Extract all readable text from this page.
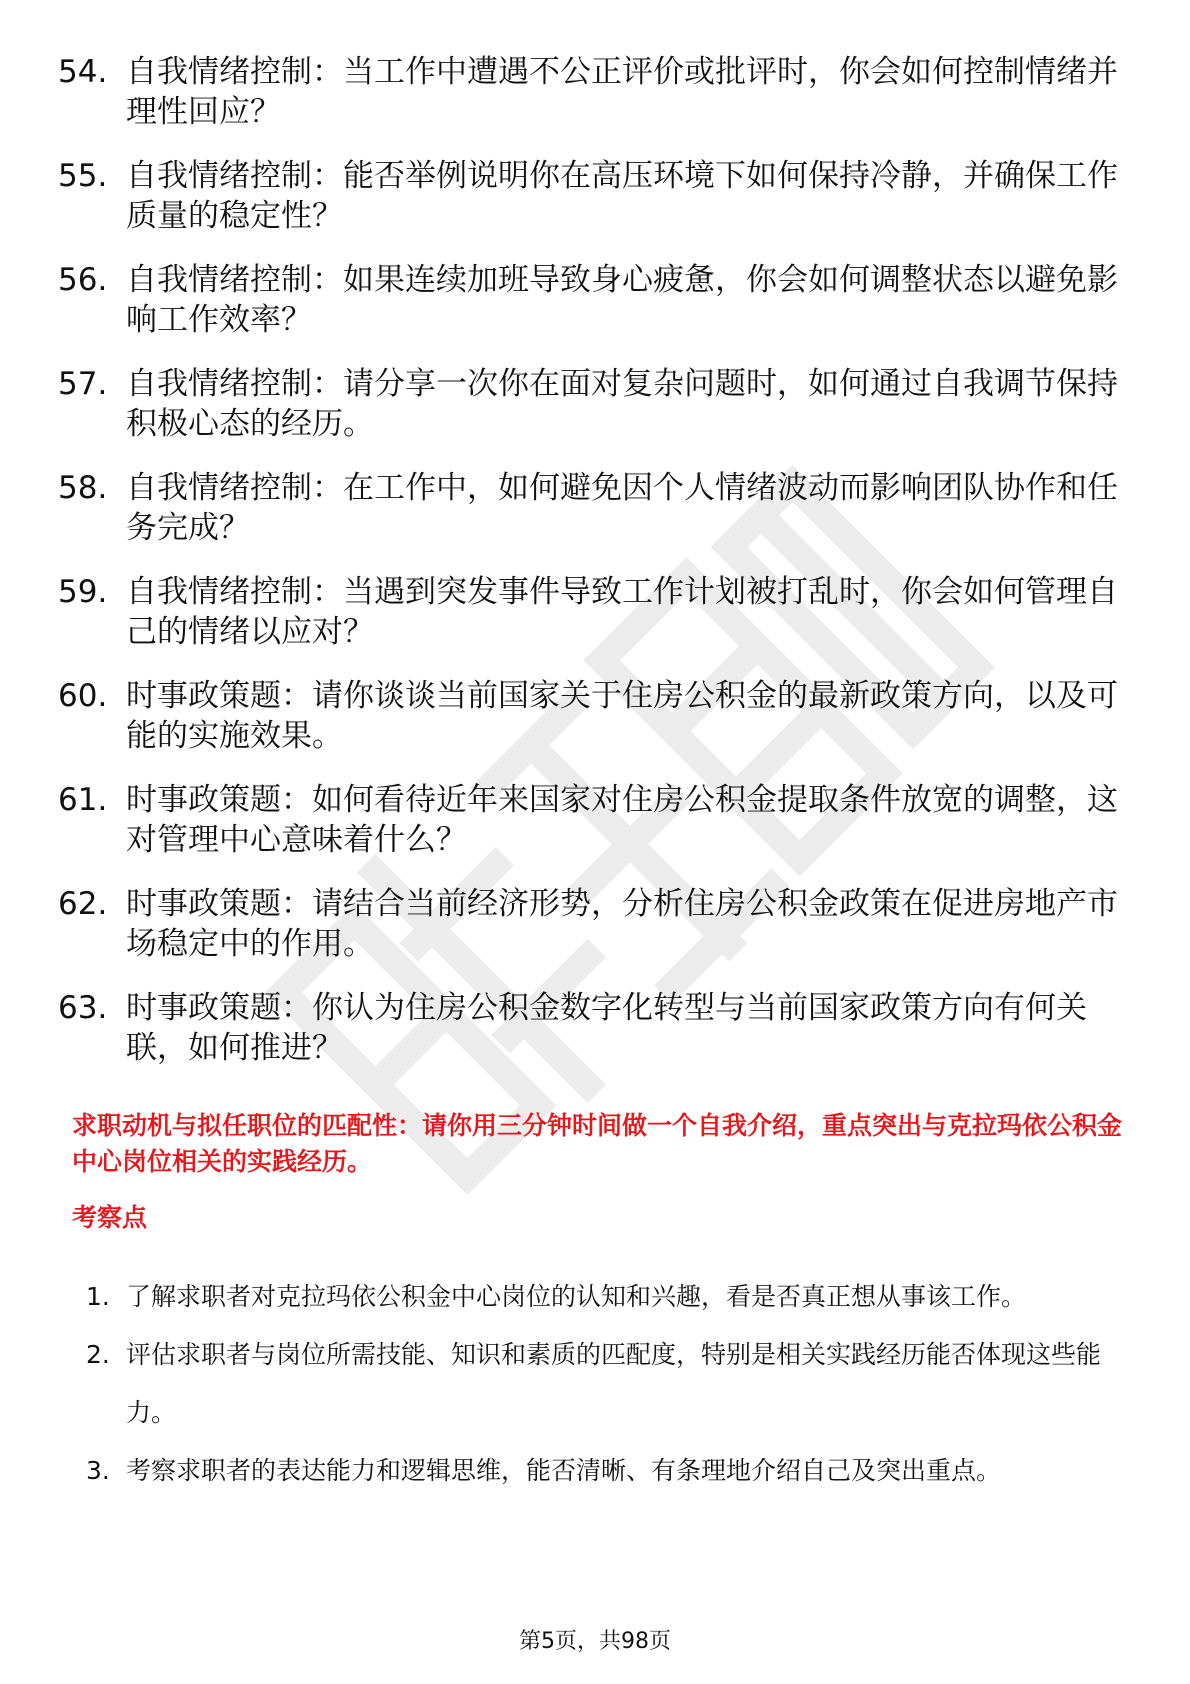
54. 自我情绪控制：当工作中遭遇不公正评价或批评时，你会如何控制情绪并理性回应？
55. 自我情绪控制：能否举例说明你在高压环境下如何保持冷静，并确保工作质量的稳定性？
56. 自我情绪控制：如果连续加班导致身心疲惫，你会如何调整状态以避免影响工作效率？
57. 自我情绪控制：请分享一次你在面对复杂问题时，如何通过自我调节保持积极心态的经历。
58. 自我情绪控制：在工作中，如何避免因个人情绪波动而影响团队协作和任务完成？
59. 自我情绪控制：当遇到突发事件导致工作计划被打乱时，你会如何管理自己的情绪以应对？
60. 时事政策题：请你谈谈当前国家关于住房公积金的最新政策方向，以及可能的实施效果。
61. 时事政策题：如何看待近年来国家对住房公积金提取条件放宽的调整，这对管理中心意味着什么？
62. 时事政策题：请结合当前经济形势，分析住房公积金政策在促进房地产市场稳定中的作用。
63. 时事政策题：你认为住房公积金数字化转型与当前国家政策方向有何关联，如何推进？
求职动机与拟任职位的匹配性：请你用三分钟时间做一个自我介绍，重点突出与克拉玛依公积金中心岗位相关的实践经历。
考察点
1. 了解求职者对克拉玛依公积金中心岗位的认知和兴趣，看是否真正想从事该工作。
2. 评估求职者与岗位所需技能、知识和素质的匹配度，特别是相关实践经历能否体现这些能力。
3. 考察求职者的表达能力和逻辑思维，能否清晰、有条理地介绍自己及突出重点。
第5页，共98页
